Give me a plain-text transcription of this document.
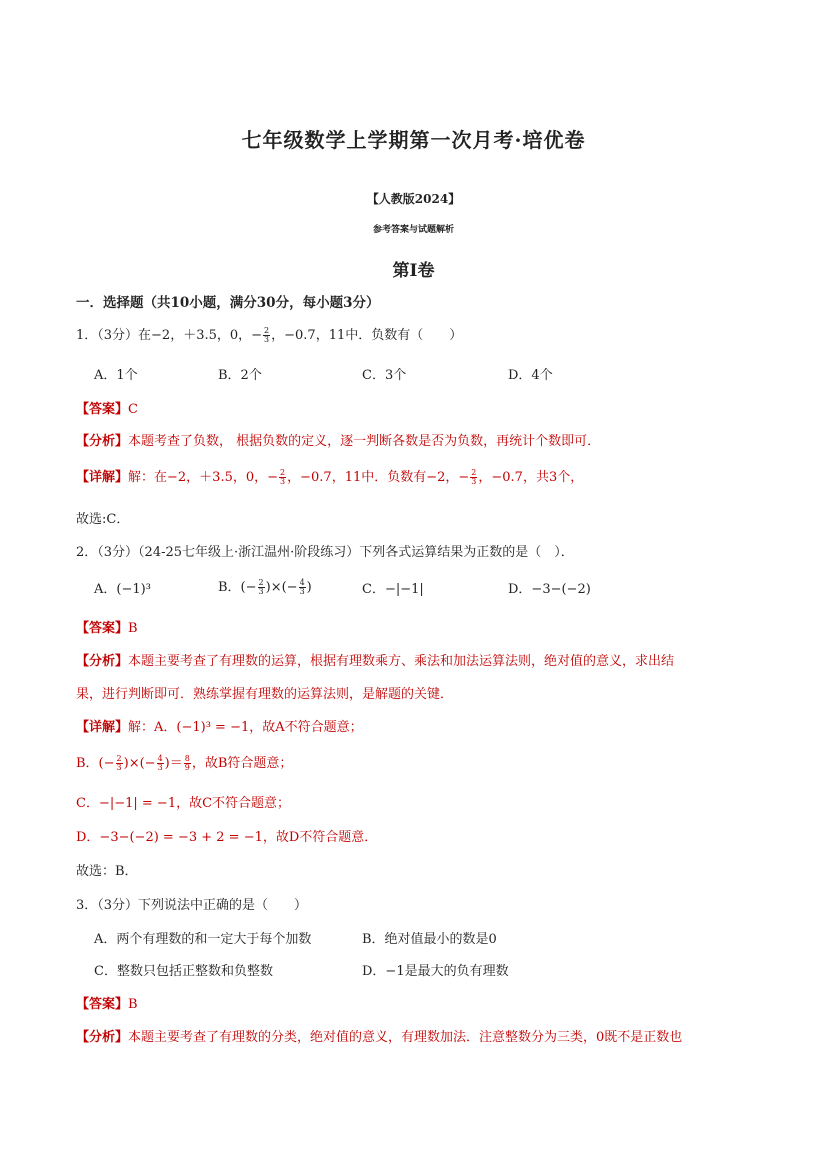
七年级数学上学期第一次月考·培优卷
【人教版2024】
参考答案与试题解析
第Ⅰ卷
一．选择题（共10小题，满分30分，每小题3分）
1．（3分）在−2，＋3.5，0，− $\frac{2}{3}$ ，−0.7，11中．负数有（　　）
A．1个	B．2个	C．3个	D．4个
【答案】C
【分析】本题考查了负数， 根据负数的定义，逐一判断各数是否为负数，再统计个数即可．
【详解】解：在−2，＋3.5，0，− $\frac{2}{3}$ ，−0.7，11中．负数有−2，− $\frac{2}{3}$ ，−0.7，共3个，
故选:C．
2．（3分）（24-25七年级上·浙江温州·阶段练习）下列各式运算结果为正数的是（　）．
A．(−1)³	B．(− $\frac{2}{3}$ )×(− $\frac{4}{3}$ )	C．−|−1|	D．−3−(−2)
【答案】B
【分析】本题主要考查了有理数的运算，根据有理数乘方、乘法和加法运算法则，绝对值的意义，求出结
果，进行判断即可．熟练掌握有理数的运算法则，是解题的关键．
【详解】解：A．(−1)³ = −1，故A不符合题意；
B．(− $\frac{2}{3}$ )×(− $\frac{4}{3}$ )＝ $\frac{8}{9}$ ，故B符合题意；
C．−|−1| = −1，故C不符合题意；
D．−3−(−2) = −3 + 2 = −1，故D不符合题意．
故选：B．
3．（3分）下列说法中正确的是（　　）
A．两个有理数的和一定大于每个加数	B．绝对值最小的数是0
C．整数只包括正整数和负整数	D．−1是最大的负有理数
【答案】B
【分析】本题主要考查了有理数的分类，绝对值的意义，有理数加法．注意整数分为三类，0既不是正数也
